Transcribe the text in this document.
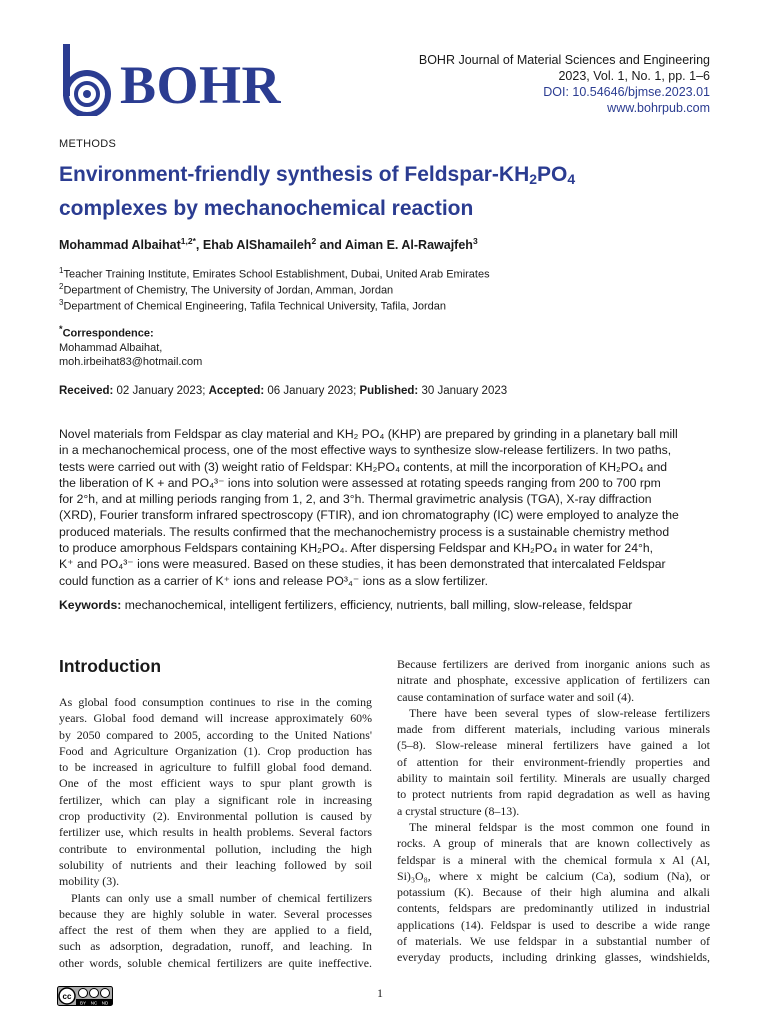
BOHR	BOHR Journal of Material Sciences and Engineering
2023, Vol. 1, No. 1, pp. 1–6
DOI: 10.54646/bjmse.2023.01
www.bohrpub.com
METHODS
Environment-friendly synthesis of Feldspar-$KH_2PO_4$
complexes by mechanochemical reaction
Mohammad Albaihat$^{1,2*}$, Ehab AlShamaileh$^2$ and Aiman E. Al-Rawajfeh$^3$
$^1$Teacher Training Institute, Emirates School Establishment, Dubai, United Arab Emirates
$^2$Department of Chemistry, The University of Jordan, Amman, Jordan
$^3$Department of Chemical Engineering, Tafila Technical University, Tafila, Jordan
*Correspondence:
Mohammad Albaihat,
moh.irbeihat83@hotmail.com
Received: 02 January 2023; Accepted: 06 January 2023; Published: 30 January 2023
Novel materials from Feldspar as clay material and KH₂ PO₄ (KHP) are prepared by grinding in a planetary ball mill
in a mechanochemical process, one of the most effective ways to synthesize slow-release fertilizers. In two paths,
tests were carried out with (3) weight ratio of Feldspar: KH₂PO₄ contents, at mill the incorporation of KH₂PO₄ and
the liberation of K + and PO₄³⁻ ions into solution were assessed at rotating speeds ranging from 200 to 700 rpm
for 2°h, and at milling periods ranging from 1, 2, and 3°h. Thermal gravimetric analysis (TGA), X-ray diffraction
(XRD), Fourier transform infrared spectroscopy (FTIR), and ion chromatography (IC) were employed to analyze the
produced materials. The results confirmed that the mechanochemistry process is a sustainable chemistry method
to produce amorphous Feldspars containing KH₂PO₄. After dispersing Feldspar and KH₂PO₄ in water for 24°h,
K⁺ and PO₄³⁻ ions were measured. Based on these studies, it has been demonstrated that intercalated Feldspar
could function as a carrier of K⁺ ions and release PO³₄⁻ ions as a slow fertilizer.
Keywords: mechanochemical, intelligent fertilizers, efficiency, nutrients, ball milling, slow-release, feldspar
Introduction
As global food consumption continues to rise in the coming
years. Global food demand will increase approximately 60%
by 2050 compared to 2005, according to the United Nations'
Food and Agriculture Organization (1). Crop production has
to be increased in agriculture to fulfill global food demand.
One of the most efficient ways to spur plant growth is
fertilizer, which can play a significant role in increasing
crop productivity (2). Environmental pollution is caused by
fertilizer use, which results in health problems. Several factors
contribute to environmental pollution, including the high
solubility of nutrients and their leaching followed by soil
mobility (3).
Plants can only use a small number of chemical fertilizers
because they are highly soluble in water. Several processes
affect the rest of them when they are applied to a field,
such as adsorption, degradation, runoff, and leaching. In
other words, soluble chemical fertilizers are quite ineffective.
Because fertilizers are derived from inorganic anions such as
nitrate and phosphate, excessive application of fertilizers can
cause contamination of surface water and soil (4).
There have been several types of slow-release fertilizers
made from different materials, including various minerals
(5–8). Slow-release mineral fertilizers have gained a lot
of attention for their environment-friendly properties and
ability to maintain soil fertility. Minerals are usually charged
to protect nutrients from rapid degradation as well as having
a crystal structure (8–13).
The mineral feldspar is the most common one found in
rocks. A group of minerals that are known collectively as
feldspar is a mineral with the chemical formula x Al (Al,
Si)₃O₈, where x might be calcium (Ca), sodium (Na), or
potassium (K). Because of their high alumina and alkali
contents, feldspars are predominantly utilized in industrial
applications (14). Feldspar is used to describe a wide range
of materials. We use feldspar in a substantial number of
everyday products, including drinking glasses, windshields,
cc
BY NC ND
1
